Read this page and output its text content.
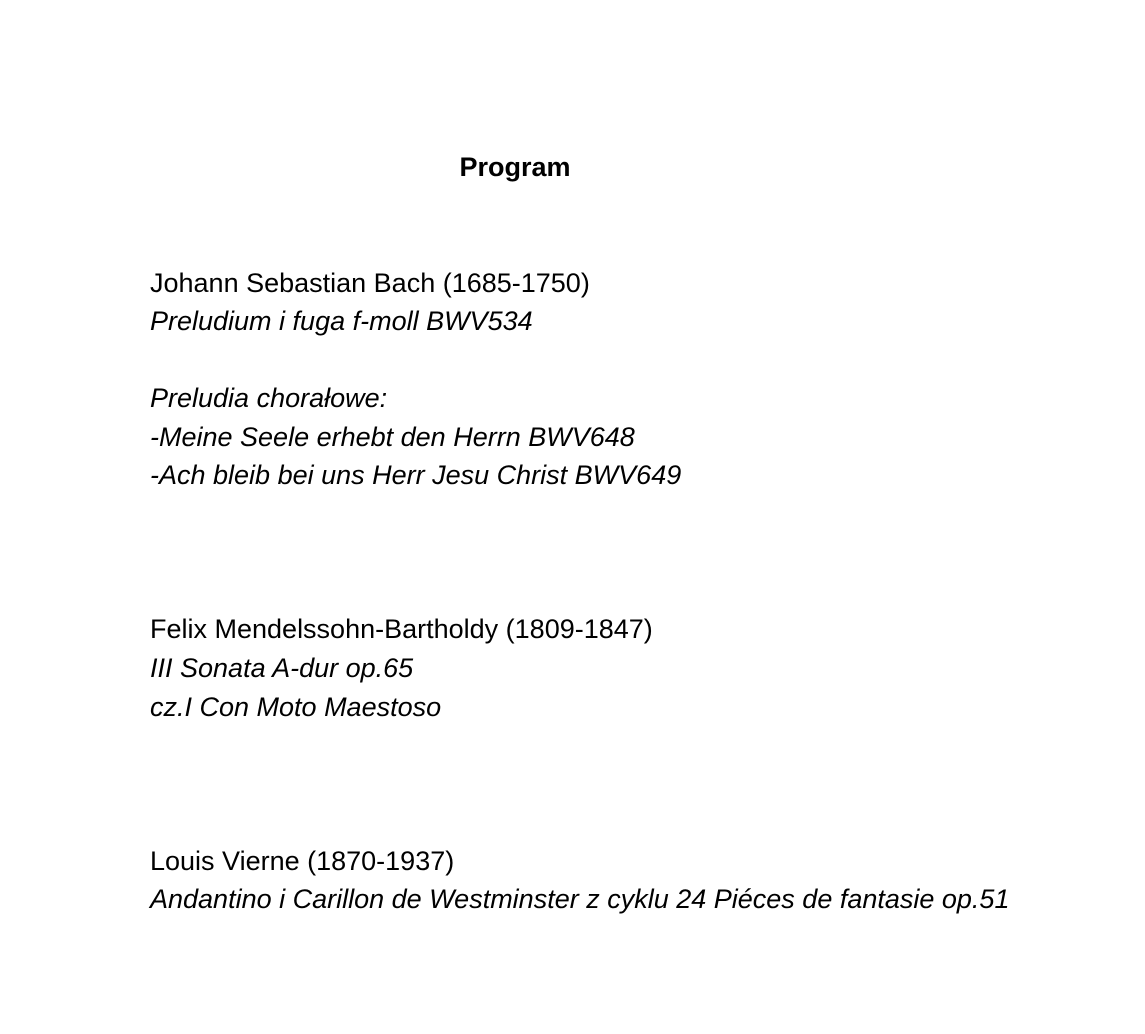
Program
Johann Sebastian Bach (1685-1750)
Preludium i fuga f-moll BWV534
Preludia chorałowe:
-Meine Seele erhebt den Herrn BWV648
-Ach bleib bei uns Herr Jesu Christ BWV649
Felix Mendelssohn-Bartholdy (1809-1847)
III Sonata A-dur op.65
cz.I Con Moto Maestoso
Louis Vierne (1870-1937)
Andantino i Carillon de Westminster z cyklu 24 Piéces de fantasie op.51
